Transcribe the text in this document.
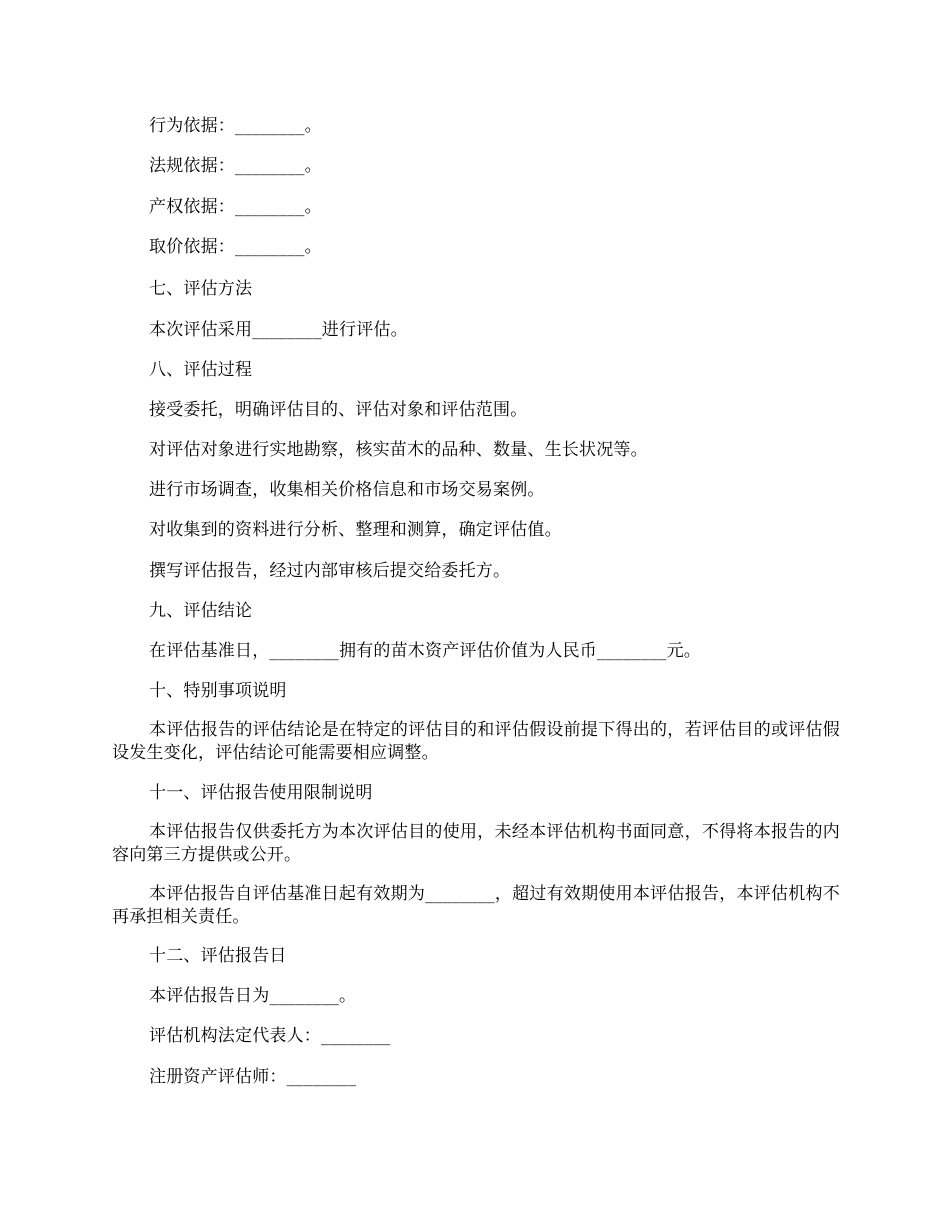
行为依据：________。
法规依据：________。
产权依据：________。
取价依据：________。
七、评估方法
本次评估采用________进行评估。
八、评估过程
接受委托，明确评估目的、评估对象和评估范围。
对评估对象进行实地勘察，核实苗木的品种、数量、生长状况等。
进行市场调查，收集相关价格信息和市场交易案例。
对收集到的资料进行分析、整理和测算，确定评估值。
撰写评估报告，经过内部审核后提交给委托方。
九、评估结论
在评估基准日，________拥有的苗木资产评估价值为人民币________元。
十、特别事项说明
本评估报告的评估结论是在特定的评估目的和评估假设前提下得出的，若评估目的或评估假设发生变化，评估结论可能需要相应调整。
十一、评估报告使用限制说明
本评估报告仅供委托方为本次评估目的使用，未经本评估机构书面同意，不得将本报告的内容向第三方提供或公开。
本评估报告自评估基准日起有效期为________，超过有效期使用本评估报告，本评估机构不再承担相关责任。
十二、评估报告日
本评估报告日为________。
评估机构法定代表人：________
注册资产评估师：________
